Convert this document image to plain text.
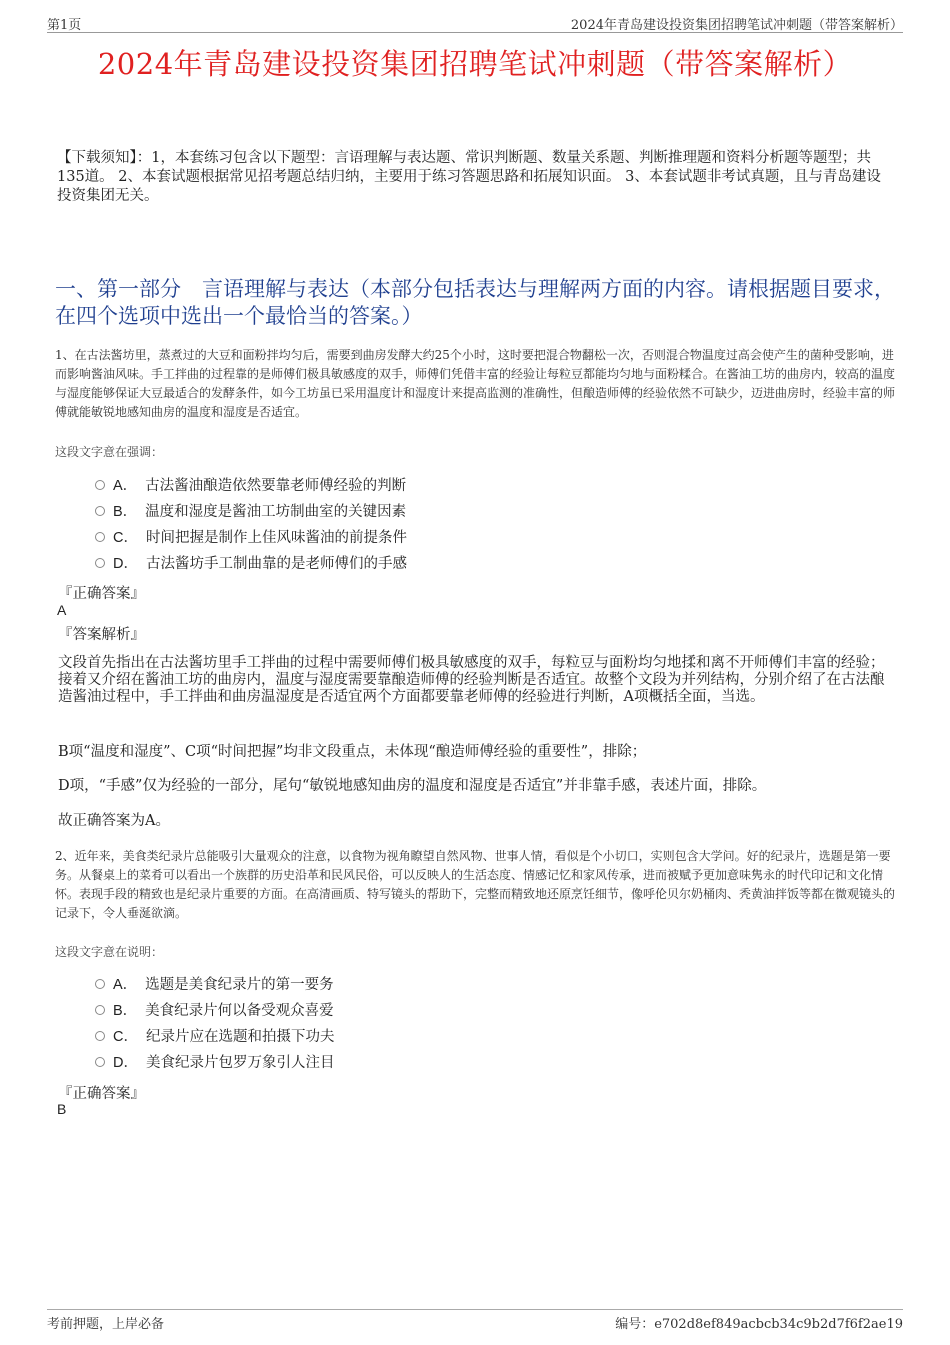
第1页	2024年青岛建设投资集团招聘笔试冲刺题（带答案解析）
2024年青岛建设投资集团招聘笔试冲刺题（带答案解析）
【下载须知】：1，本套练习包含以下题型：言语理解与表达题、常识判断题、数量关系题、判断推理题和资料分析题等题型；共135道。 2、本套试题根据常见招考题总结归纳，主要用于练习答题思路和拓展知识面。 3、本套试题非考试真题，且与青岛建设投资集团无关。
一、第一部分　言语理解与表达（本部分包括表达与理解两方面的内容。请根据题目要求，在四个选项中选出一个最恰当的答案。）
1、在古法酱坊里，蒸煮过的大豆和面粉拌均匀后，需要到曲房发酵大约25个小时，这时要把混合物翻松一次，否则混合物温度过高会使产生的菌种受影响，进而影响酱油风味。手工拌曲的过程靠的是师傅们极具敏感度的双手，师傅们凭借丰富的经验让每粒豆都能均匀地与面粉糅合。在酱油工坊的曲房内，较高的温度与湿度能够保证大豆最适合的发酵条件，如今工坊虽已采用温度计和湿度计来提高监测的准确性，但酿造师傅的经验依然不可缺少，迈进曲房时，经验丰富的师傅就能敏锐地感知曲房的温度和湿度是否适宜。
这段文字意在强调：
A． 古法酱油酿造依然要靠老师傅经验的判断
B． 温度和湿度是酱油工坊制曲室的关键因素
C． 时间把握是制作上佳风味酱油的前提条件
D． 古法酱坊手工制曲靠的是老师傅们的手感
『正确答案』
A
『答案解析』
文段首先指出在古法酱坊里手工拌曲的过程中需要师傅们极具敏感度的双手，每粒豆与面粉均匀地揉和离不开师傅们丰富的经验；接着又介绍在酱油工坊的曲房内，温度与湿度需要靠酿造师傅的经验判断是否适宜。故整个文段为并列结构，分别介绍了在古法酿造酱油过程中，手工拌曲和曲房温湿度是否适宜两个方面都要靠老师傅的经验进行判断，A项概括全面，当选。
B项“温度和湿度”、C项“时间把握”均非文段重点，未体现“酿造师傅经验的重要性”，排除；
D项，“手感”仅为经验的一部分，尾句“敏锐地感知曲房的温度和湿度是否适宜”并非靠手感，表述片面，排除。
故正确答案为A。
2、近年来，美食类纪录片总能吸引大量观众的注意，以食物为视角瞭望自然风物、世事人情，看似是个小切口，实则包含大学问。好的纪录片，选题是第一要务。从餐桌上的菜肴可以看出一个族群的历史沿革和民风民俗，可以反映人的生活态度、情感记忆和家风传承，进而被赋予更加意味隽永的时代印记和文化情怀。表现手段的精致也是纪录片重要的方面。在高清画质、特写镜头的帮助下，完整而精致地还原烹饪细节，像呼伦贝尔奶桶肉、秃黄油拌饭等都在微观镜头的记录下，令人垂涎欲滴。
这段文字意在说明：
A． 选题是美食纪录片的第一要务
B． 美食纪录片何以备受观众喜爱
C． 纪录片应在选题和拍摄下功夫
D． 美食纪录片包罗万象引人注目
『正确答案』
B
考前押题，上岸必备	编号：e702d8ef849acbcb34c9b2d7f6f2ae19
